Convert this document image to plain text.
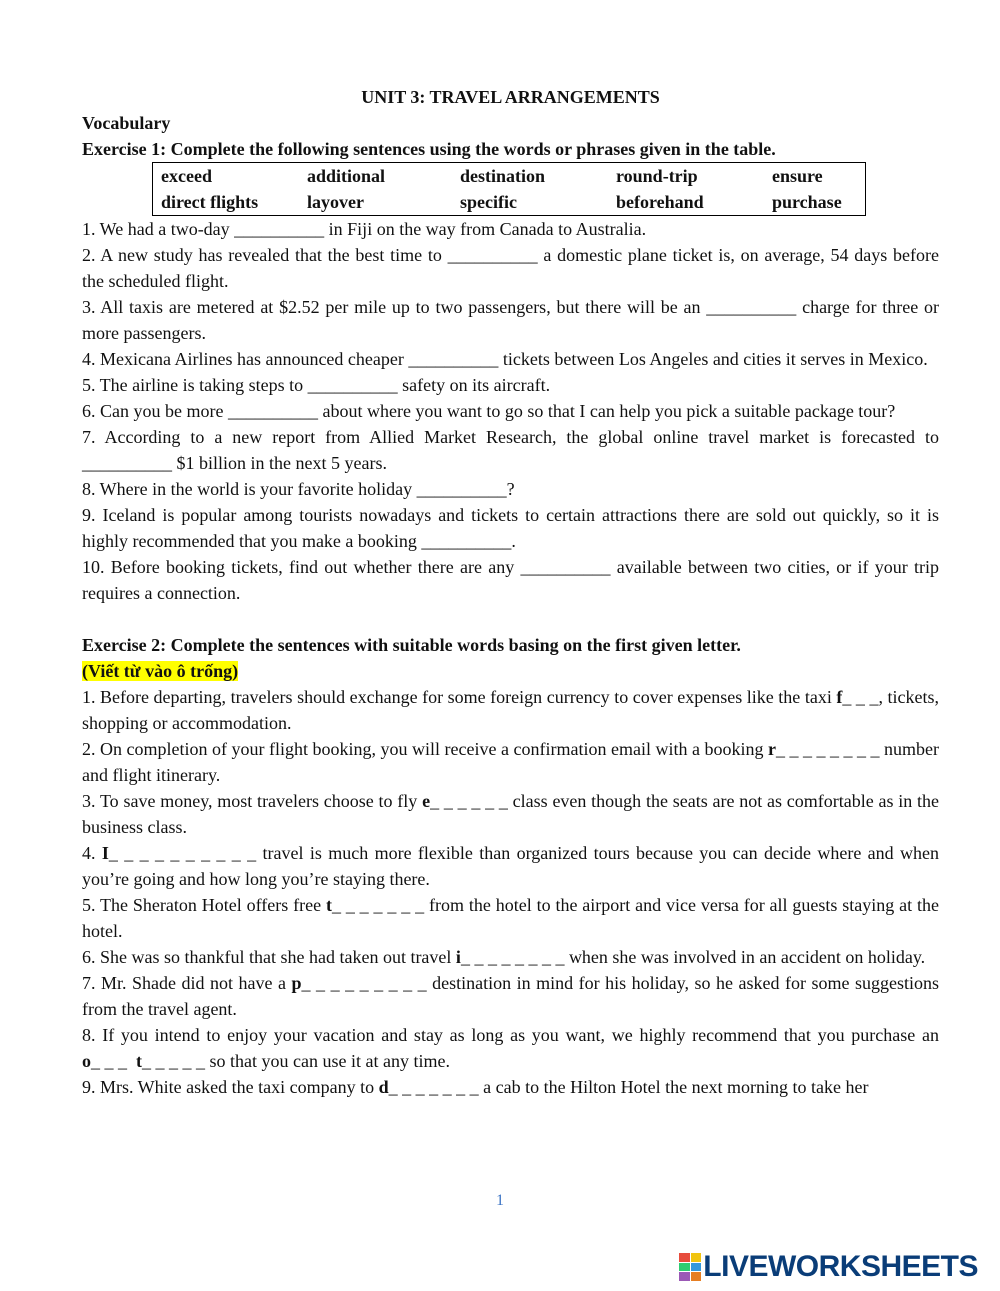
UNIT 3: TRAVEL ARRANGEMENTS

Vocabulary

Exercise 1: Complete the following sentences using the words or phrases given in the table.

exceed	additional	destination	round-trip	ensure
direct flights	layover	specific	beforehand	purchase

1. We had a two-day __________ in Fiji on the way from Canada to Australia.

2. A new study has revealed that the best time to __________ a domestic plane ticket is, on average, 54 days before the scheduled flight.

3. All taxis are metered at $2.52 per mile up to two passengers, but there will be an __________ charge for three or more passengers.

4. Mexicana Airlines has announced cheaper __________ tickets between Los Angeles and cities it serves in Mexico.

5. The airline is taking steps to __________ safety on its aircraft.

6. Can you be more __________ about where you want to go so that I can help you pick a suitable package tour?

7. According to a new report from Allied Market Research, the global online travel market is forecasted to __________ $1 billion in the next 5 years.

8. Where in the world is your favorite holiday __________?

9. Iceland is popular among tourists nowadays and tickets to certain attractions there are sold out quickly, so it is highly recommended that you make a booking __________.

10. Before booking tickets, find out whether there are any __________ available between two cities, or if your trip requires a connection.

Exercise 2: Complete the sentences with suitable words basing on the first given letter.

(Viết từ vào ô trống)

1. Before departing, travelers should exchange for some foreign currency to cover expenses like the taxi f_ _ _, tickets, shopping or accommodation.

2. On completion of your flight booking, you will receive a confirmation email with a booking r_ _ _ _ _ _ _ _ number and flight itinerary.

3. To save money, most travelers choose to fly e_ _ _ _ _ _ class even though the seats are not as comfortable as in the business class.

4. I_ _ _ _ _ _ _ _ _ _ travel is much more flexible than organized tours because you can decide where and when you’re going and how long you’re staying there.

5. The Sheraton Hotel offers free t_ _ _ _ _ _ _ from the hotel to the airport and vice versa for all guests staying at the hotel.

6. She was so thankful that she had taken out travel i_ _ _ _ _ _ _ _ when she was involved in an accident on holiday.

7. Mr. Shade did not have a p_ _ _ _ _ _ _ _ _ destination in mind for his holiday, so he asked for some suggestions from the travel agent.

8. If you intend to enjoy your vacation and stay as long as you want, we highly recommend that you purchase an o_ _ _  t_ _ _ _ _ so that you can use it at any time.

9. Mrs. White asked the taxi company to d_ _ _ _ _ _ _ a cab to the Hilton Hotel the next morning to take her

1
LIVEWORKSHEETS
